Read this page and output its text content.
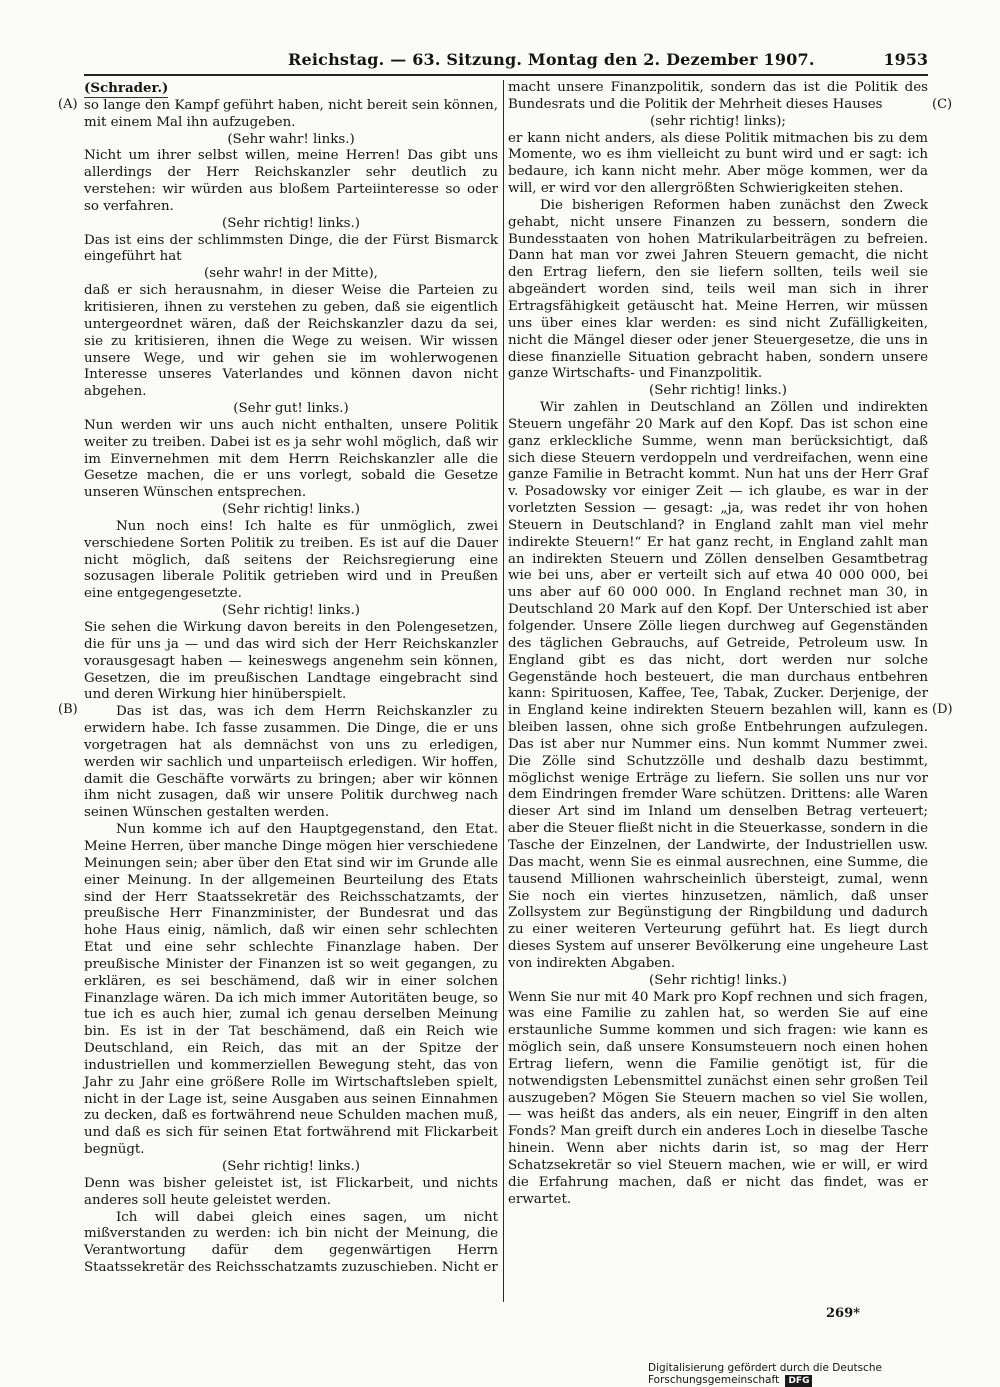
Reichstag. — 63. Sitzung. Montag den 2. Dezember 1907.	1953
(A)
(B)
(C)
(D)

(Schrader.)

so lange den Kampf geführt haben, nicht bereit sein können, mit einem Mal ihn aufzugeben.

(Sehr wahr! links.)

Nicht um ihrer selbst willen, meine Herren! Das gibt uns allerdings der Herr Reichskanzler sehr deutlich zu verstehen: wir würden aus bloßem Parteiinteresse so oder so verfahren.

(Sehr richtig! links.)

Das ist eins der schlimmsten Dinge, die der Fürst Bismarck eingeführt hat

(sehr wahr! in der Mitte),

daß er sich herausnahm, in dieser Weise die Parteien zu kritisieren, ihnen zu verstehen zu geben, daß sie eigentlich untergeordnet wären, daß der Reichskanzler dazu da sei, sie zu kritisieren, ihnen die Wege zu weisen. Wir wissen unsere Wege, und wir gehen sie im wohlerwogenen Interesse unseres Vaterlandes und können davon nicht abgehen.

(Sehr gut! links.)

Nun werden wir uns auch nicht enthalten, unsere Politik weiter zu treiben. Dabei ist es ja sehr wohl möglich, daß wir im Einvernehmen mit dem Herrn Reichskanzler alle die Gesetze machen, die er uns vorlegt, sobald die Gesetze unseren Wünschen entsprechen.

(Sehr richtig! links.)

Nun noch eins! Ich halte es für unmöglich, zwei verschiedene Sorten Politik zu treiben. Es ist auf die Dauer nicht möglich, daß seitens der Reichsregierung eine sozusagen liberale Politik getrieben wird und in Preußen eine entgegengesetzte.

(Sehr richtig! links.)

Sie sehen die Wirkung davon bereits in den Polengesetzen, die für uns ja — und das wird sich der Herr Reichskanzler vorausgesagt haben — keineswegs angenehm sein können, Gesetzen, die im preußischen Landtage eingebracht sind und deren Wirkung hier hinüberspielt.

Das ist das, was ich dem Herrn Reichskanzler zu erwidern habe. Ich fasse zusammen. Die Dinge, die er uns vorgetragen hat als demnächst von uns zu erledigen, werden wir sachlich und unparteiisch erledigen. Wir hoffen, damit die Geschäfte vorwärts zu bringen; aber wir können ihm nicht zusagen, daß wir unsere Politik durchweg nach seinen Wünschen gestalten werden.

Nun komme ich auf den Hauptgegenstand, den Etat. Meine Herren, über manche Dinge mögen hier verschiedene Meinungen sein; aber über den Etat sind wir im Grunde alle einer Meinung. In der allgemeinen Beurteilung des Etats sind der Herr Staatssekretär des Reichsschatzamts, der preußische Herr Finanzminister, der Bundesrat und das hohe Haus einig, nämlich, daß wir einen sehr schlechten Etat und eine sehr schlechte Finanzlage haben. Der preußische Minister der Finanzen ist so weit gegangen, zu erklären, es sei beschämend, daß wir in einer solchen Finanzlage wären. Da ich mich immer Autoritäten beuge, so tue ich es auch hier, zumal ich genau derselben Meinung bin. Es ist in der Tat beschämend, daß ein Reich wie Deutschland, ein Reich, das mit an der Spitze der industriellen und kommerziellen Bewegung steht, das von Jahr zu Jahr eine größere Rolle im Wirtschaftsleben spielt, nicht in der Lage ist, seine Ausgaben aus seinen Einnahmen zu decken, daß es fortwährend neue Schulden machen muß, und daß es sich für seinen Etat fortwährend mit Flickarbeit begnügt.

(Sehr richtig! links.)

Denn was bisher geleistet ist, ist Flickarbeit, und nichts anderes soll heute geleistet werden.

Ich will dabei gleich eines sagen, um nicht mißverstanden zu werden: ich bin nicht der Meinung, die Verantwortung dafür dem gegenwärtigen Herrn Staatssekretär des Reichsschatzamts zuzuschieben. Nicht er

macht unsere Finanzpolitik, sondern das ist die Politik des Bundesrats und die Politik der Mehrheit dieses Hauses

(sehr richtig! links);

er kann nicht anders, als diese Politik mitmachen bis zu dem Momente, wo es ihm vielleicht zu bunt wird und er sagt: ich bedaure, ich kann nicht mehr. Aber möge kommen, wer da will, er wird vor den allergrößten Schwierigkeiten stehen.

Die bisherigen Reformen haben zunächst den Zweck gehabt, nicht unsere Finanzen zu bessern, sondern die Bundesstaaten von hohen Matrikularbeiträgen zu befreien. Dann hat man vor zwei Jahren Steuern gemacht, die nicht den Ertrag liefern, den sie liefern sollten, teils weil sie abgeändert worden sind, teils weil man sich in ihrer Ertragsfähigkeit getäuscht hat. Meine Herren, wir müssen uns über eines klar werden: es sind nicht Zufälligkeiten, nicht die Mängel dieser oder jener Steuergesetze, die uns in diese finanzielle Situation gebracht haben, sondern unsere ganze Wirtschafts- und Finanzpolitik.

(Sehr richtig! links.)

Wir zahlen in Deutschland an Zöllen und indirekten Steuern ungefähr 20 Mark auf den Kopf. Das ist schon eine ganz erkleckliche Summe, wenn man berücksichtigt, daß sich diese Steuern verdoppeln und verdreifachen, wenn eine ganze Familie in Betracht kommt. Nun hat uns der Herr Graf v. Posadowsky vor einiger Zeit — ich glaube, es war in der vorletzten Session — gesagt: „ja, was redet ihr von hohen Steuern in Deutschland? in England zahlt man viel mehr indirekte Steuern!“ Er hat ganz recht, in England zahlt man an indirekten Steuern und Zöllen denselben Gesamtbetrag wie bei uns, aber er verteilt sich auf etwa 40 000 000, bei uns aber auf 60 000 000. In England rechnet man 30, in Deutschland 20 Mark auf den Kopf. Der Unterschied ist aber folgender. Unsere Zölle liegen durchweg auf Gegenständen des täglichen Gebrauchs, auf Getreide, Petroleum usw. In England gibt es das nicht, dort werden nur solche Gegenstände hoch besteuert, die man durchaus entbehren kann: Spirituosen, Kaffee, Tee, Tabak, Zucker. Derjenige, der in England keine indirekten Steuern bezahlen will, kann es bleiben lassen, ohne sich große Entbehrungen aufzulegen. Das ist aber nur Nummer eins. Nun kommt Nummer zwei. Die Zölle sind Schutzzölle und deshalb dazu bestimmt, möglichst wenige Erträge zu liefern. Sie sollen uns nur vor dem Eindringen fremder Ware schützen. Drittens: alle Waren dieser Art sind im Inland um denselben Betrag verteuert; aber die Steuer fließt nicht in die Steuerkasse, sondern in die Tasche der Einzelnen, der Landwirte, der Industriellen usw. Das macht, wenn Sie es einmal ausrechnen, eine Summe, die tausend Millionen wahrscheinlich übersteigt, zumal, wenn Sie noch ein viertes hinzusetzen, nämlich, daß unser Zollsystem zur Begünstigung der Ringbildung und dadurch zu einer weiteren Verteurung geführt hat. Es liegt durch dieses System auf unserer Bevölkerung eine ungeheure Last von indirekten Abgaben.

(Sehr richtig! links.)

Wenn Sie nur mit 40 Mark pro Kopf rechnen und sich fragen, was eine Familie zu zahlen hat, so werden Sie auf eine erstaunliche Summe kommen und sich fragen: wie kann es möglich sein, daß unsere Konsumsteuern noch einen hohen Ertrag liefern, wenn die Familie genötigt ist, für die notwendigsten Lebensmittel zunächst einen sehr großen Teil auszugeben? Mögen Sie Steuern machen so viel Sie wollen, — was heißt das anders, als ein neuer, Eingriff in den alten Fonds? Man greift durch ein anderes Loch in dieselbe Tasche hinein. Wenn aber nichts darin ist, so mag der Herr Schatzsekretär so viel Steuern machen, wie er will, er wird die Erfahrung machen, daß er nicht das findet, was er erwartet.

269*
Digitalisierung gefördert durch die Deutsche Forschungsgemeinschaft DFG
